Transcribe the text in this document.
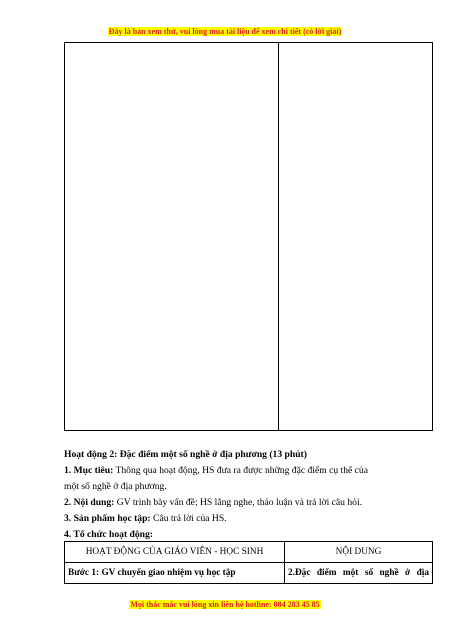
Đây là bản xem thử, vui lòng mua tài liệu để xem chi tiết (có lời giải)

Hoạt động 2: Đặc điểm một số nghề ở địa phương (13 phút)

1. Mục tiêu: Thông qua hoạt động, HS đưa ra được những đặc điểm cụ thể của

một số nghề ở địa phương.

2. Nội dung: GV trình bày vấn đề; HS lắng nghe, thảo luận và trả lời câu hỏi.

3. Sản phẩm học tập: Câu trả lời của HS.

4. Tổ chức hoạt động:

HOẠT ĐỘNG CỦA GIÁO VIÊN - HỌC SINH	NỘI DUNG
Bước 1: GV chuyển giao nhiệm vụ học tập	2.Đặc điểm một số nghề ở địa
Mọi thắc mắc vui lòng xin liên hệ hotline: 084 283 45 85
